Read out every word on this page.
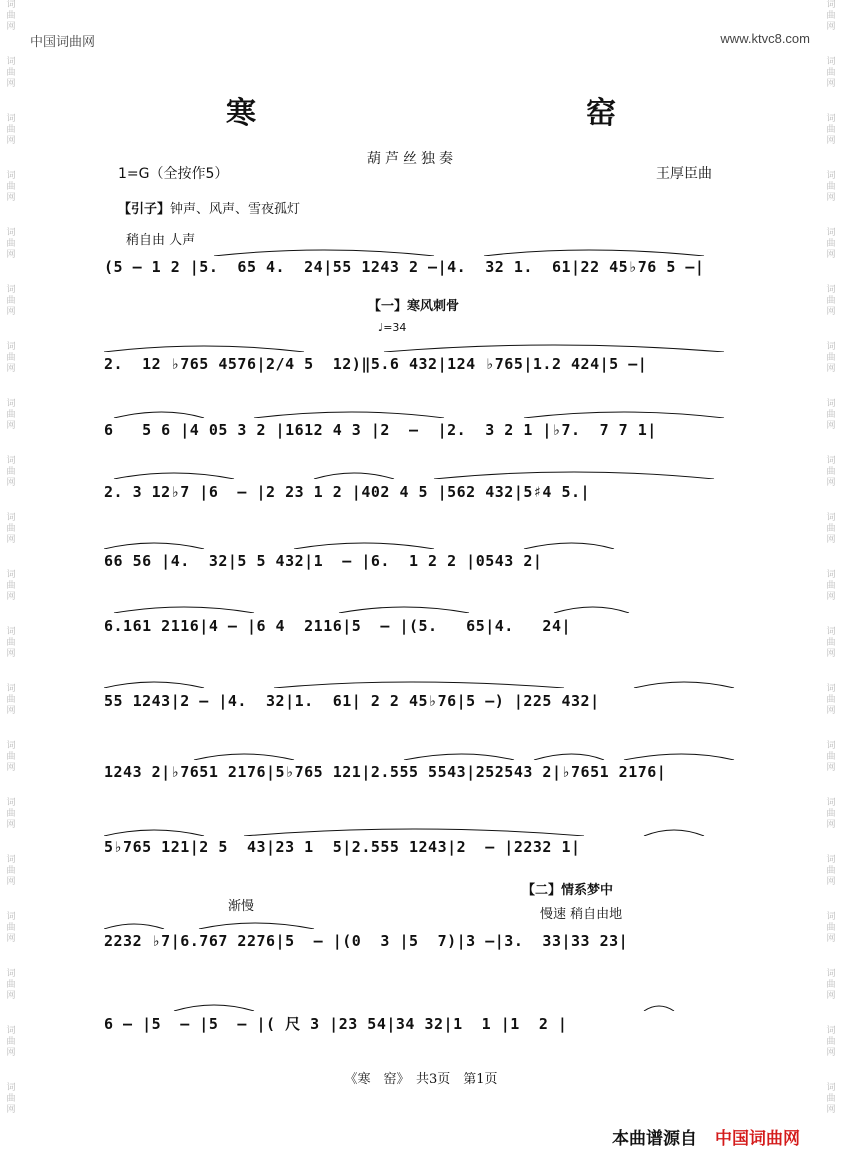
词
曲
网
词
曲
网
词
曲
网
词
曲
网
词
曲
网
词
曲
网
词
曲
网
词
曲
网
词
曲
网
词
曲
网
词
曲
网
词
曲
网
词
曲
网
词
曲
网
词
曲
网
词
曲
网
词
曲
网
词
曲
网
词
曲
网
词
曲
网
词
曲
网
词
曲
网
词
曲
网
词
曲
网
词
曲
网
词
曲
网
词
曲
网
词
曲
网
词
曲
网
词
曲
网
词
曲
网
词
曲
网
词
曲
网
词
曲
网
词
曲
网
词
曲
网
词
曲
网
词
曲
网
词
曲
网
词
曲
网
中国词曲网	www.ktvc8.com
寒　窑
葫芦丝独奏
1=G（全按作5）	王厚臣曲
【引子】钟声、风声、雪夜孤灯
稍自由 人声
【一】寒风刺骨
♩=34
渐慢
【二】情系梦中
慢速 稍自由地
(5 – 1 2 |5.  65 4.  24|55 1243 2 –|4.  32 1.  61|22 45♭76 5 –|
2.  12 ♭765 4576|2/4 5  12)‖5.6 432|124 ♭765|1.2 424|5 –|
6   5 6 |4 05 3 2 |1612 4 3 |2  –  |2.  3 2 1 |♭7.  7 7 1|
2. 3 12♭7 |6  – |2 23 1 2 |402 4 5 |562 432|5♯4 5.|
66 56 |4.  32|5 5 432|1  – |6.  1 2 2 |0543 2|
6.161 2116|4 – |6 4  2116|5  – |(5.   65|4.   24|
55 1243|2 – |4.  32|1.  61| 2 2 45♭76|5 –) |225 432|
1243 2|♭7651 2176|5♭765 121|2.555 5543|252543 2|♭7651 2176|
5♭765 121|2 5  43|23 1  5|2.555 1243|2  – |2232 1|
2232 ♭7|6.767 2276|5  – |(0  3 |5  7)|3 –|3.  33|33 23|
6 – |5  – |5  – |( 尺 3 |23 54|34 32|1  1 |1  2 |
《寒　窑》　共3页　第1页
本曲谱源自 中国词曲网
